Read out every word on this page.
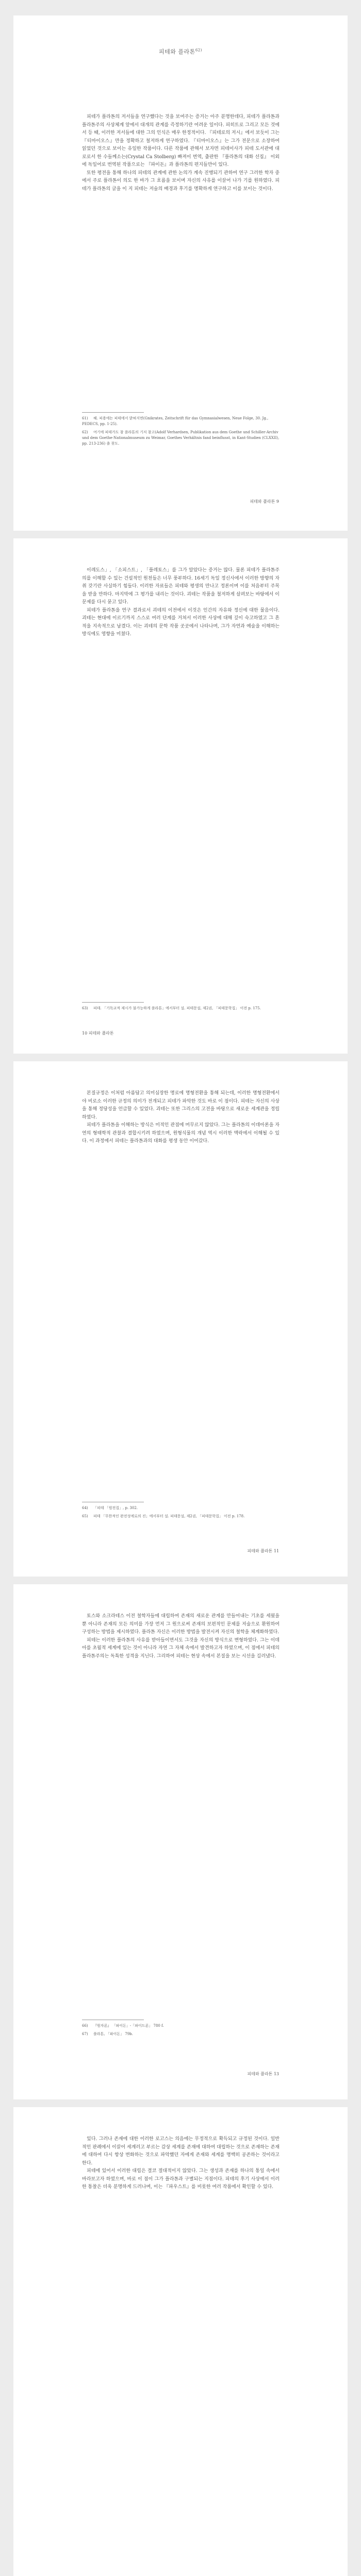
피테와 플라톤$^{62)}$

피테가 플라톤의 저서들을 연구했다는 것을 보여주는 증거는 아주 분명한데다, 피테가 플라톤과 플라톤주의 사상체계 앞에서 대개의 관계를 즉정하기란 어려운 일이다. 피히트로 그리고 모든 것에서 등 때, 이러한 저서들에 대한 그의 인식은 매우 한정적이다. 『피테로의 저시』에서 보듯이 그는 『티마이오스』만을 정확하고 철저하게 연구하였다. 『티마이오스』는 그가 전문으로 소장하여 읽었던 것으로 보이는 유일한 작품이다. 다른 작품에 관해서 보자면 피테이사가 피테 도서관에 대로로서 한 수들께소는(Crystal Ca Stolberg) 빠져이 번역, 출판한 『플라톤의 대화 선집』 이외에 독일어로 번역된 작품으로는 『파이돈』과 플라톤의 편지들만이 있다.

또한 평전을 통해 하나의 피테의 관계에 관한 논의가 계속 진행되기 관하여 연구 그러한 학자 중에서 주로 플라톤이 의도 한 바가 그 흐름을 보이며 자신의 사유를 이끌어 나가 기를 원하였다. 피테가 플라톤의 글을 이 지 피테는 저술의 배경과 후기를 명확하게 연구하고 이를 보이는 것이다.

61) 헤. 피용에는 피테에서 밝혀지면(Gnikrates, Zeitschrift für das Gymnasialwesen, Neue Folge, 30. Jg., PEDECS, pp. 1-25).
62) 여기에 피테가도 참 플라톤의 기저 참고(Adolf Verhardsen, Publikation aus dem Goethe und Schiller-Archiv und dem Goethe-Nationalmuseum zu Weimar, Goethes Verhältnis fand beinflusst, in Kant-Studien (CLXXII), pp. 213-236) 출 찾도.
피테와 플라톤 9

이레도스」, 「소피스트」, 「플레토스」를 그가 알았다는 증거는 많다. 물론 피테가 플라톤주의를 이해할 수 있는 건설적인 원천들은 너무 풍부하다. 16세기 독일 정신사에서 이러한 방향의 자취 갖기란 사실하기 힘들다. 이러한 자료들은 피테와 평생의 만나고 정론이며 이를 처음부터 주목을 받을 만하다. 마지막에 그 평가를 내리는 것이다. 괴테는 작품을 철저하게 살펴보는 바탕에서 이 문제를 다시 묻고 있다.

피테가 플라톤을 연구 결과로서 괴테의 이전에서 이것은 인간의 자유와 정신에 대한 물음이다. 괴테는 현대에 이르기까지 스스로 여러 단계를 거쳐서 이러한 사상에 대해 깊이 숙고하였고 그 흔적을 지속적으로 남겼다. 이는 괴테의 문학 작품 곳곳에서 나타나며, 그가 자연과 예술을 이해하는 방식에도 영향을 미쳤다.

63) 피테. 「기독교적 제시가 불가능하게 플라톤」에서부터 설. 피테문설, 제2권, 「피테문학집」 이전 p. 175.
10 피테와 플라톤

본질규정은 이처럼 아름답고 의미심장한 명로에 명형전환을 통해 되는데, 이러한 명형전환에서야 비로소 이러한 규정의 의미가 전개되고 피테가 파악한 것도 바로 이 점이다. 피테는 자신의 사상을 통해 정당성을 언급할 수 있었다. 괴테는 또한 그리스의 고전을 바탕으로 새로운 세계관을 정립하였다.

피테가 플라톤을 이해하는 방식은 미적인 관점에 머무르지 않았다. 그는 플라톤의 이데아론을 자연의 형태학적 관찰과 결합시키려 하였으며, 원형식물의 개념 역시 이러한 맥락에서 이해될 수 있다. 이 과정에서 피테는 플라톤과의 대화를 평생 동안 이어갔다.

64) 「피테 「원전집」, p. 302.
65) 피테 「무한적인 완전성에로의 진」에서부터 설. 피테문설, 제2권, 「피테문학집」 이전 p. 178.
피테와 플라톤 11

토스와 소크라테스 이전 철학자들에 대립하여 존재의 새로운 관계를 만들어내는 기초를 세웠을 뿐 아니라 존재의 모든 의미를 가장 먼저 그 원으로써 존재의 보편적인 문제를 저술으로 환원하여 구성하는 방법을 제시하였다. 플라톤 자신은 이러한 방법을 발전시켜 자신의 철학을 체계화하였다.

피테는 이러한 플라톤의 사유를 받아들이면서도 그것을 자신의 방식으로 변형하였다. 그는 이데아를 초월적 세계에 있는 것이 아니라 자연 그 자체 속에서 발견하고자 하였으며, 이 점에서 피테의 플라톤주의는 독특한 성격을 지닌다. 그리하여 피테는 현상 속에서 본질을 보는 시선을 길러냈다.

66) 『원자론』 「파이돈」-「파이드론」 780 f.
67) 플라톤, 「파이돈」 79b.
피테와 플라톤 13

있다. 그러나 존재에 대한 이러한 로고스는 의음에는 무정적으로 확득되고 규정된 것이다. 일반적인 판례에서 이끌어 세계러고 부르는 감상 세계를 존재에 대하여 대립하는 것으로 존재하는 존재에 대하여 다시 항상 변화하는 것으로 파악했던 자에게 존재와 세계를 명백히 공존하는 것이라고 한다.

피테에 있어서 이러한 대립은 결코 절대적이지 않았다. 그는 생성과 존재를 하나의 통일 속에서 바라보고자 하였으며, 바로 이 점이 그가 플라톤과 구별되는 지점이다. 피테의 후기 사상에서 이러한 통찰은 더욱 분명하게 드러나며, 이는 『파우스트』를 비롯한 여러 작품에서 확인할 수 있다.
